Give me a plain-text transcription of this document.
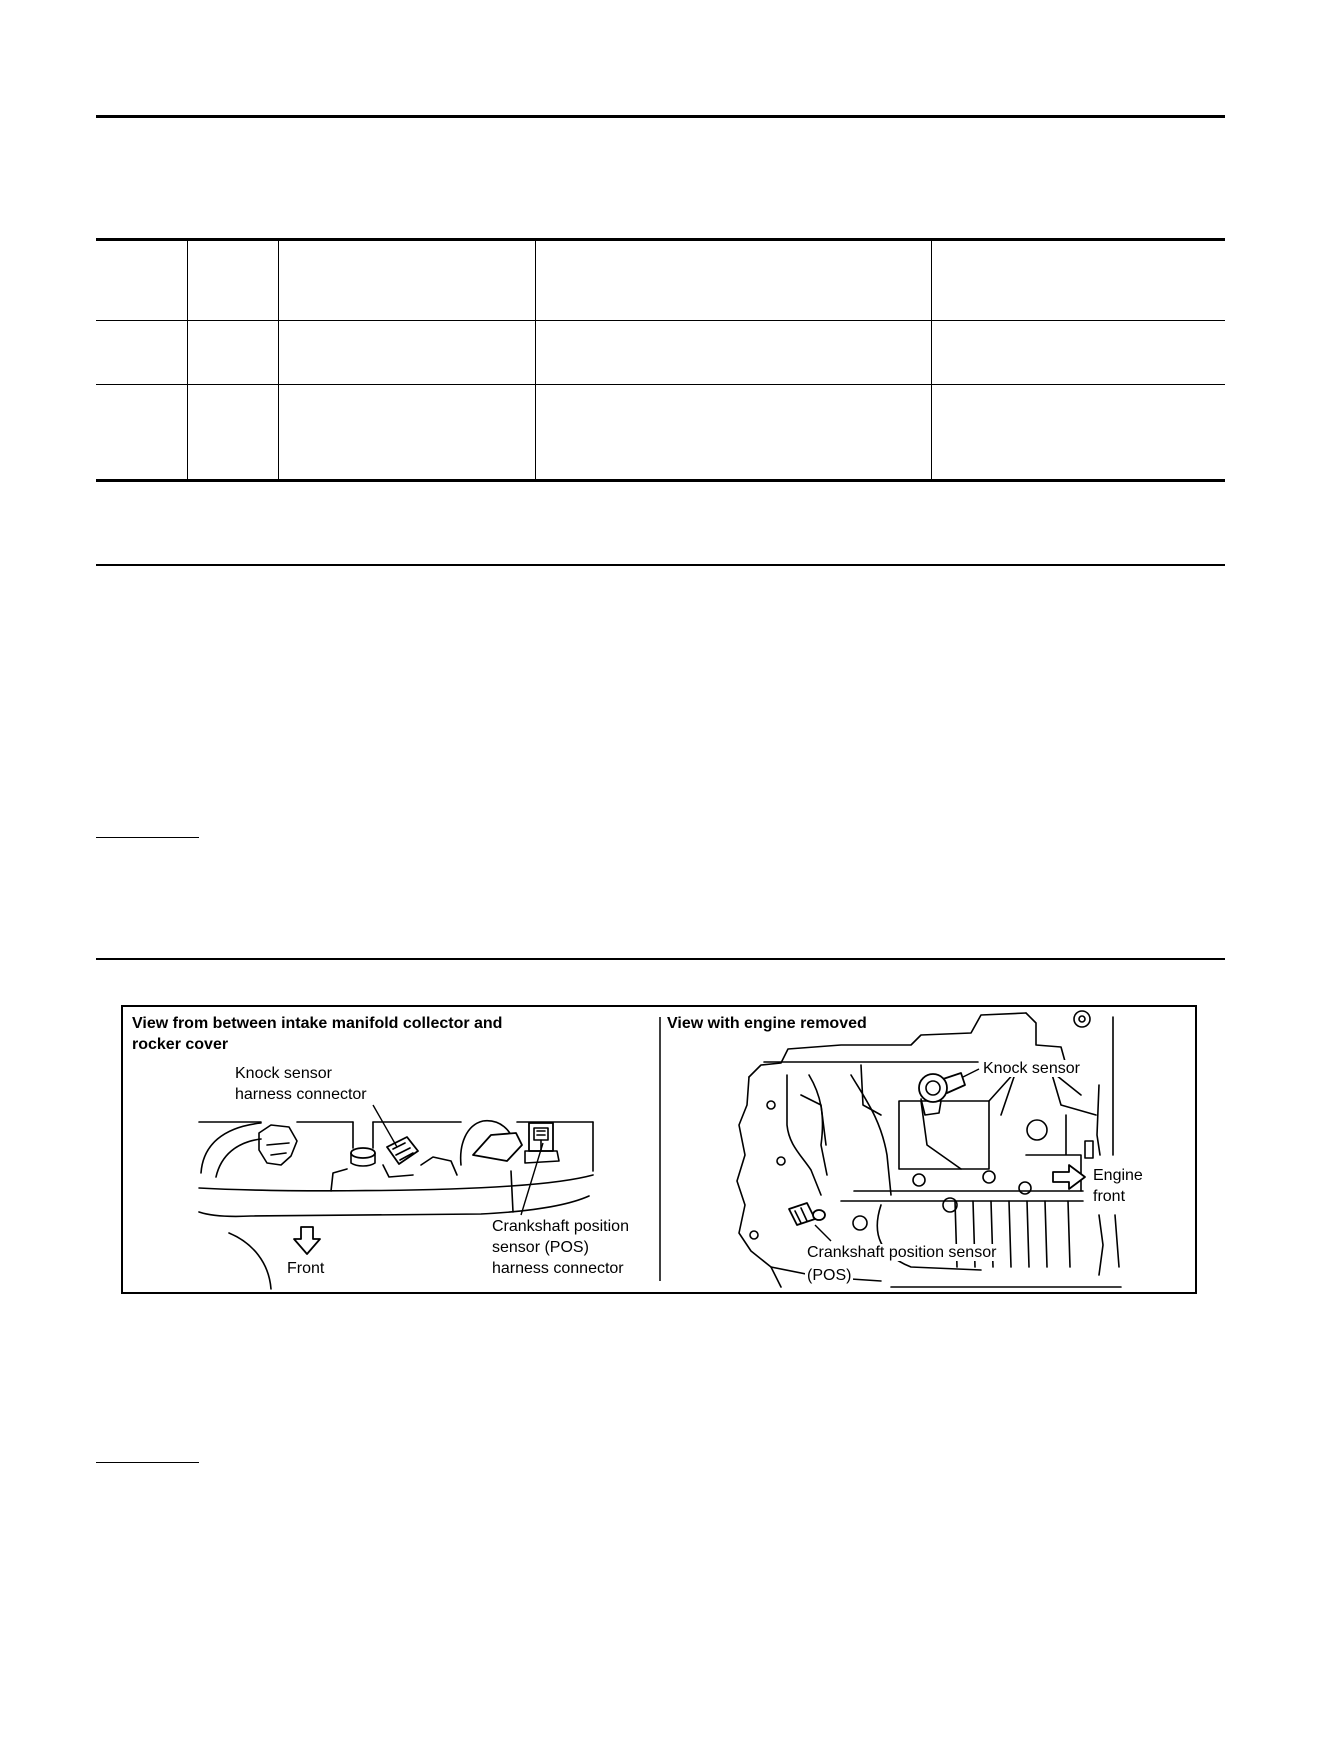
View from between intake manifold collector and
rocker cover
Knock sensor
harness connector
Crankshaft position
sensor (POS)
harness connector
Front
View with engine removed
Knock sensor
Engine
front
Crankshaft position sensor
(POS)
